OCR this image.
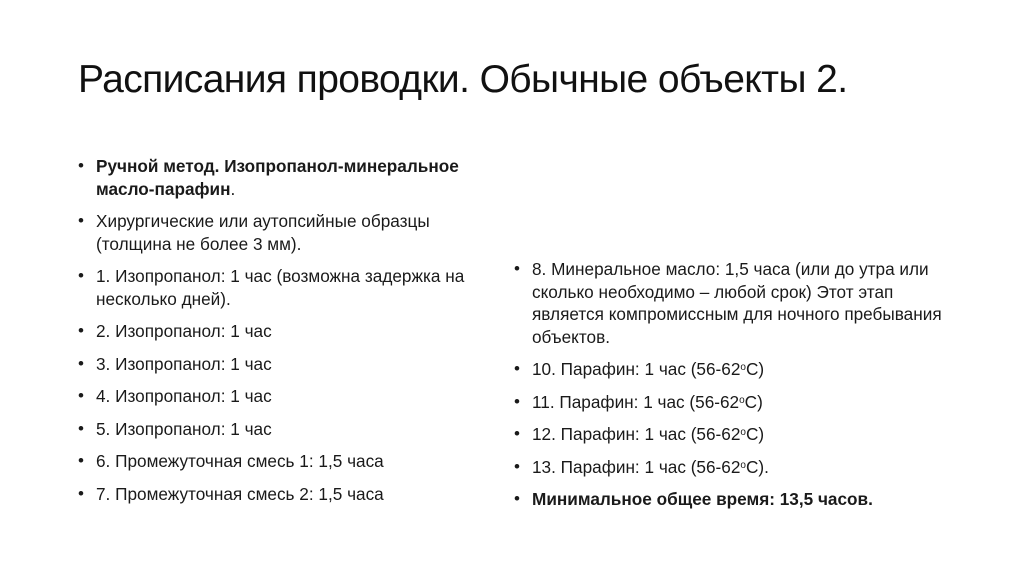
Расписания проводки. Обычные объекты 2.
• Ручной метод. Изопропанол-минеральное масло-парафин.
• Хирургические или аутопсийные образцы (толщина не более 3 мм).
• 1. Изопропанол: 1 час (возможна задержка на несколько дней).
• 2. Изопропанол: 1 час
• 3. Изопропанол: 1 час
• 4. Изопропанол: 1 час
• 5. Изопропанол: 1 час
• 6. Промежуточная смесь 1: 1,5 часа
• 7. Промежуточная смесь 2: 1,5 часа
• 8. Минеральное масло: 1,5 часа (или до утра или сколько необходимо – любой срок) Этот этап является компромиссным для ночного пребывания объектов.
• 10. Парафин: 1 час (56-62$^o$C)
• 11. Парафин: 1 час (56-62$^o$C)
• 12. Парафин: 1 час (56-62$^o$C)
• 13. Парафин: 1 час (56-62$^o$C).
• Минимальное общее время: 13,5 часов.
